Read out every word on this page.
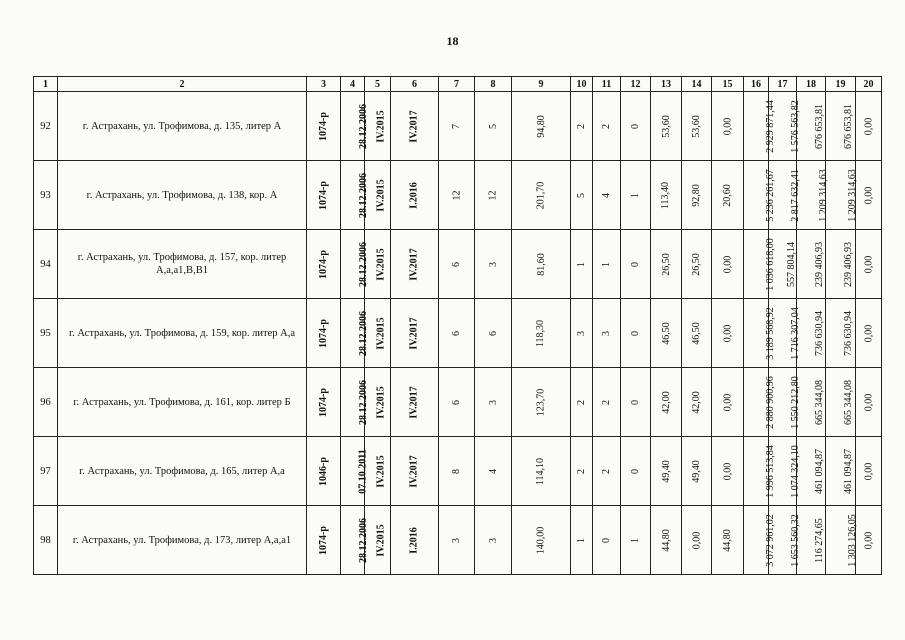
18
1	2	3	4	5	6	7	8	9	10	11	12	13	14	15	16	17	18	19	20
92	г. Астрахань, ул. Трофимова, д. 135, литер А	1074-р	28.12.2006	IV.2015	IV.2017	7	5	94,80	2	2	0	53,60	53,60	0,00	2 929 871,44	1 576 563,82	676 653,81	676 653,81	0,00
93	г. Астрахань, ул. Трофимова, д. 138, кор. А	1074-р	28.12.2006	IV.2015	I.2016	12	12	201,70	5	4	1	113,40	92,80	20,60	5 236 261,67	2 817 632,41	1 209 314,63	1 209 314,63	0,00
94	г. Астрахань, ул. Трофимова, д. 157, кор. литер А,а,а1,В,В1	1074-р	28.12.2006	IV.2015	IV.2017	6	3	81,60	1	1	0	26,50	26,50	0,00	1 036 618,00	557 804,14	239 406,93	239 406,93	0,00
95	г. Астрахань, ул. Трофимова, д. 159, кор. литер А,а	1074-р	28.12.2006	IV.2015	IV.2017	6	6	118,30	3	3	0	46,50	46,50	0,00	3 189 568,92	1 716 307,04	736 630,94	736 630,94	0,00
96	г. Астрахань, ул. Трофимова, д. 161, кор. литер Б	1074-р	28.12.2006	IV.2015	IV.2017	6	3	123,70	2	2	0	42,00	42,00	0,00	2 880 900,96	1 550 212,80	665 344,08	665 344,08	0,00
97	г. Астрахань, ул. Трофимова, д. 165, литер А,а	1046-р	07.10.2011	IV.2015	IV.2017	8	4	114,10	2	2	0	49,40	49,40	0,00	1 996 513,84	1 074 324,10	461 094,87	461 094,87	0,00
98	г. Астрахань, ул. Трофимова, д. 173, литер А,а,а1	1074-р	28.12.2006	IV.2015	I.2016	3	3	140,00	1	0	1	44,80	0,00	44,80	3 072 961,02	1 653 560,32	116 274,65	1 303 126,05	0,00
